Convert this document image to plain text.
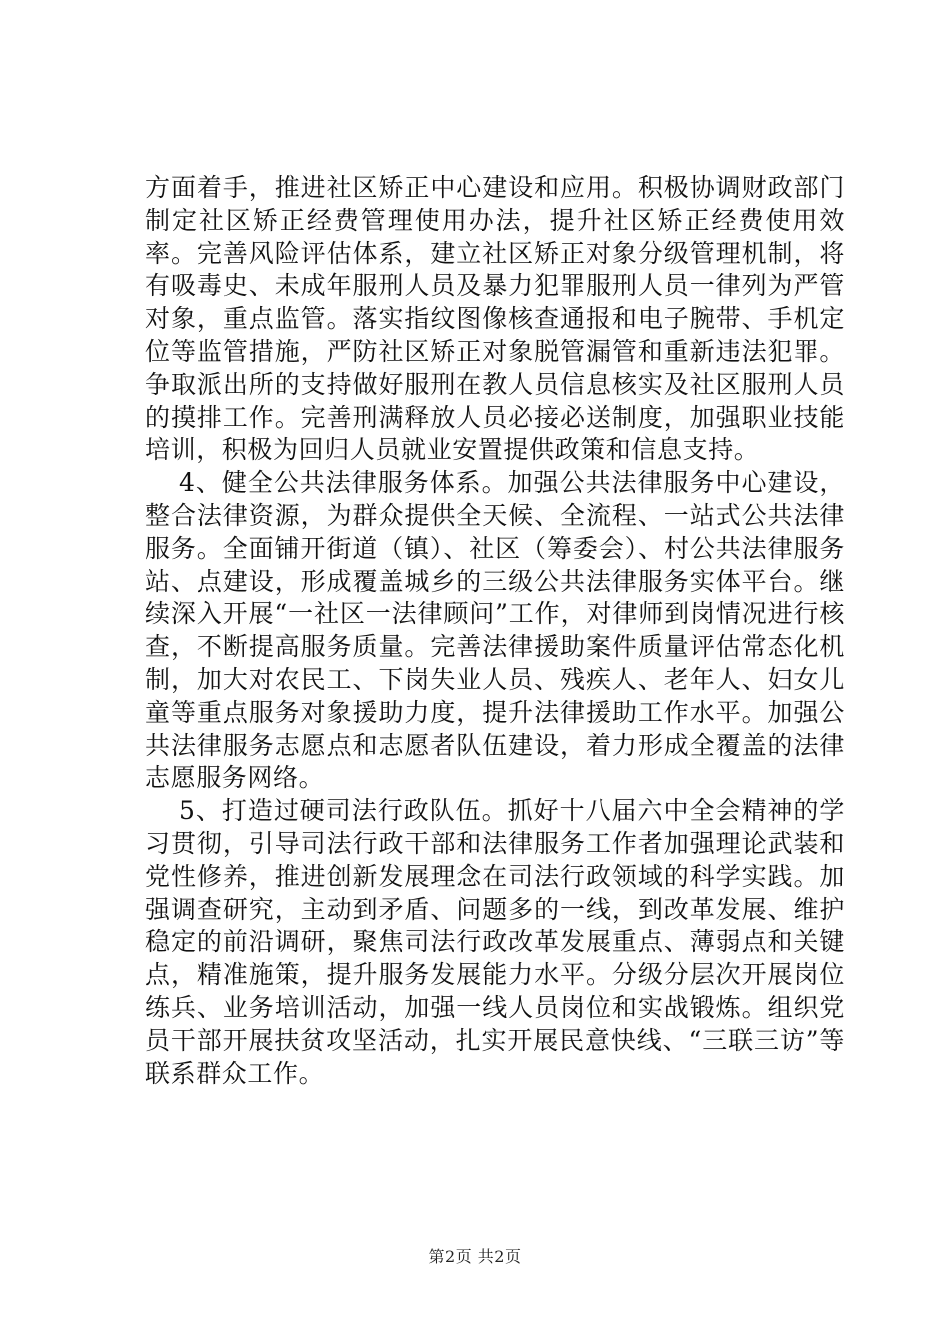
方面着手，推进社区矫正中心建设和应用。积极协调财政部门制定社区矫正经费管理使用办法，提升社区矫正经费使用效率。完善风险评估体系，建立社区矫正对象分级管理机制，将有吸毒史、未成年服刑人员及暴力犯罪服刑人员一律列为严管对象，重点监管。落实指纹图像核查通报和电子腕带、手机定位等监管措施，严防社区矫正对象脱管漏管和重新违法犯罪。争取派出所的支持做好服刑在教人员信息核实及社区服刑人员的摸排工作。完善刑满释放人员必接必送制度，加强职业技能培训，积极为回归人员就业安置提供政策和信息支持。

4、健全公共法律服务体系。加强公共法律服务中心建设，整合法律资源，为群众提供全天候、全流程、一站式公共法律服务。全面铺开街道（镇）、社区（筹委会）、村公共法律服务站、点建设，形成覆盖城乡的三级公共法律服务实体平台。继续深入开展“一社区一法律顾问”工作，对律师到岗情况进行核查，不断提高服务质量。完善法律援助案件质量评估常态化机制，加大对农民工、下岗失业人员、残疾人、老年人、妇女儿童等重点服务对象援助力度，提升法律援助工作水平。加强公共法律服务志愿点和志愿者队伍建设，着力形成全覆盖的法律志愿服务网络。

5、打造过硬司法行政队伍。抓好十八届六中全会精神的学习贯彻，引导司法行政干部和法律服务工作者加强理论武装和党性修养，推进创新发展理念在司法行政领域的科学实践。加强调查研究，主动到矛盾、问题多的一线，到改革发展、维护稳定的前沿调研，聚焦司法行政改革发展重点、薄弱点和关键点，精准施策，提升服务发展能力水平。分级分层次开展岗位练兵、业务培训活动，加强一线人员岗位和实战锻炼。组织党员干部开展扶贫攻坚活动，扎实开展民意快线、“三联三访”等联系群众工作。

第2页 共2页
